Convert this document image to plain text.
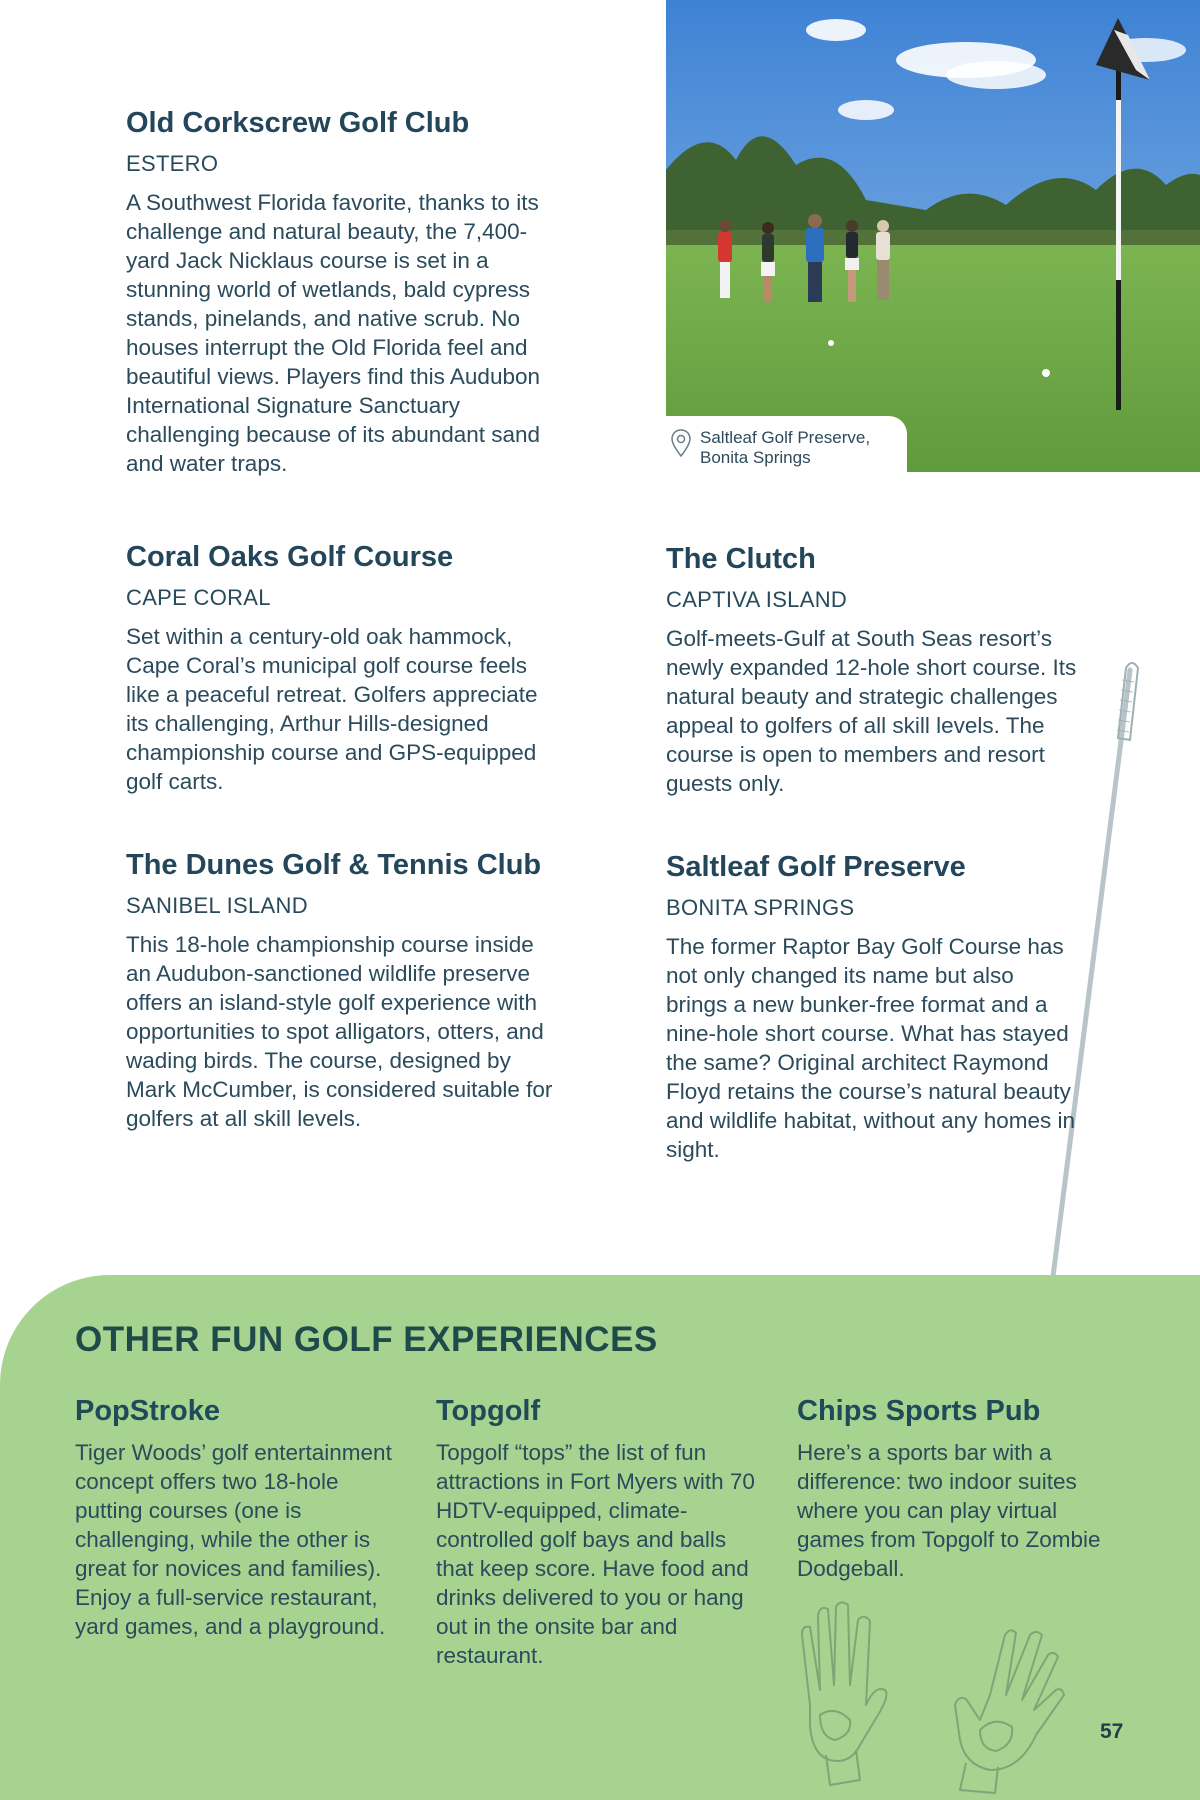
Saltleaf Golf Preserve,
Bonita Springs
Old Corkscrew Golf Club
ESTERO

A Southwest Florida favorite, thanks to its challenge and natural beauty, the 7,400-yard Jack Nicklaus course is set in a stunning world of wetlands, bald cypress stands, pinelands, and native scrub. No houses interrupt the Old Florida feel and beautiful views. Players find this Audubon International Signature Sanctuary challenging because of its abundant sand and water traps.

Coral Oaks Golf Course
CAPE CORAL

Set within a century-old oak hammock, Cape Coral’s municipal golf course feels like a peaceful retreat. Golfers appreciate its challenging, Arthur Hills-designed championship course and GPS-equipped golf carts.

The Dunes Golf & Tennis Club
SANIBEL ISLAND

This 18-hole championship course inside an Audubon-sanctioned wildlife preserve offers an island-style golf experience with opportunities to spot alligators, otters, and wading birds. The course, designed by Mark McCumber, is considered suitable for golfers at all skill levels.

The Clutch
CAPTIVA ISLAND

Golf-meets-Gulf at South Seas resort’s newly expanded 12-hole short course. Its natural beauty and strategic challenges appeal to golfers of all skill levels. The course is open to members and resort guests only.

Saltleaf Golf Preserve
BONITA SPRINGS

The former Raptor Bay Golf Course has not only changed its name but also brings a new bunker-free format and a nine-hole short course. What has stayed the same? Original architect Raymond Floyd retains the course’s natural beauty and wildlife habitat, without any homes in sight.

OTHER FUN GOLF EXPERIENCES
PopStroke

Tiger Woods’ golf entertainment concept offers two 18-hole putting courses (one is challenging, while the other is great for novices and families). Enjoy a full-service restaurant, yard games, and a playground.

Topgolf

Topgolf “tops” the list of fun attractions in Fort Myers with 70 HDTV-equipped, climate-controlled golf bays and balls that keep score. Have food and drinks delivered to you or hang out in the onsite bar and restaurant.

Chips Sports Pub

Here’s a sports bar with a difference: two indoor suites where you can play virtual games from Topgolf to Zombie Dodgeball.

57
